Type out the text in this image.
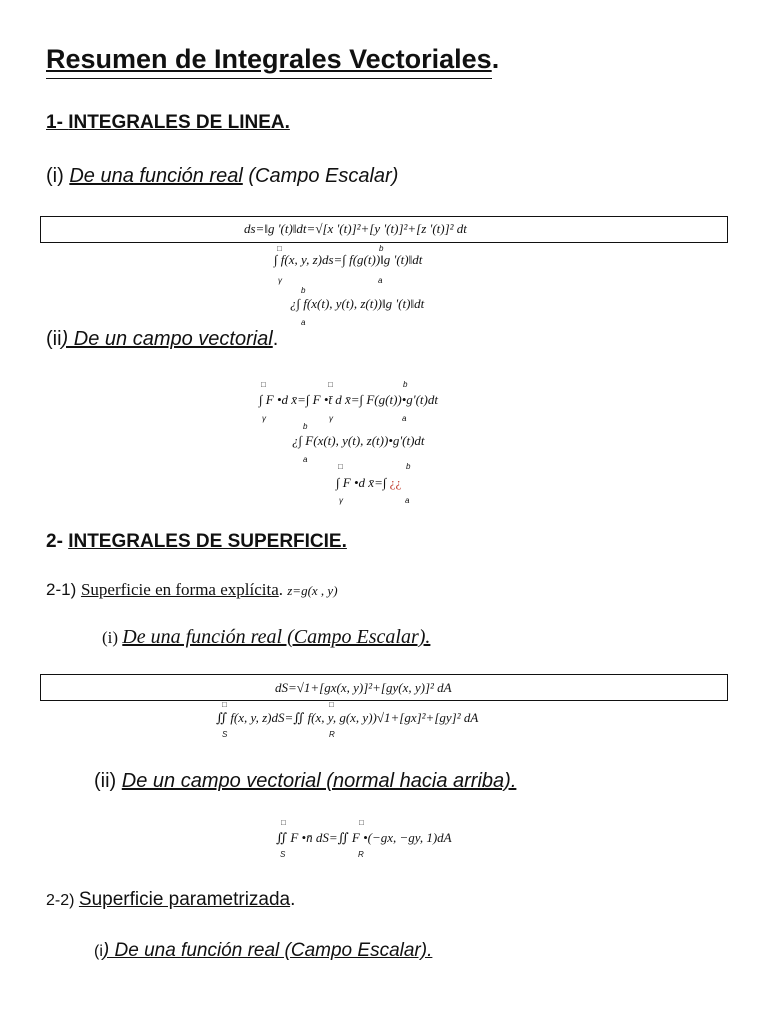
Resumen de Integrales Vectoriales.
1- INTEGRALES DE LINEA.
(i) De una función real (Campo Escalar)
ds=‖g '(t)‖dt=√[x '(t)]²+[y '(t)]²+[z '(t)]² dt
∫ f(x, y, z)ds=∫ f(g(t))‖g '(t)‖dt
□
γ
b
a
¿∫ f(x(t), y(t), z(t))‖g '(t)‖dt
b
a
(ii) De un campo vectorial.
∫ F •d x̄=∫ F •t̄ d x̄=∫ F(g(t))•g'(t)dt
□
γ
□
γ
b
a
¿∫ F(x(t), y(t), z(t))•g'(t)dt
b
a
∫ F •d x̄=∫ ¿¿
□
γ
b
a
2- INTEGRALES DE SUPERFICIE.
2-1) Superficie en forma explícita. z=g(x , y)
(i) De una función real (Campo Escalar).
dS=√1+[gx(x, y)]²+[gy(x, y)]² dA
∬ f(x, y, z)dS=∬ f(x, y, g(x, y))√1+[gx]²+[gy]² dA
□
S
□
R
(ii) De un campo vectorial (normal hacia arriba).
∬ F •n̄ dS=∬ F •(−gx, −gy, 1)dA
□
S
□
R
2-2) Superficie parametrizada.
(i) De una función real (Campo Escalar).
